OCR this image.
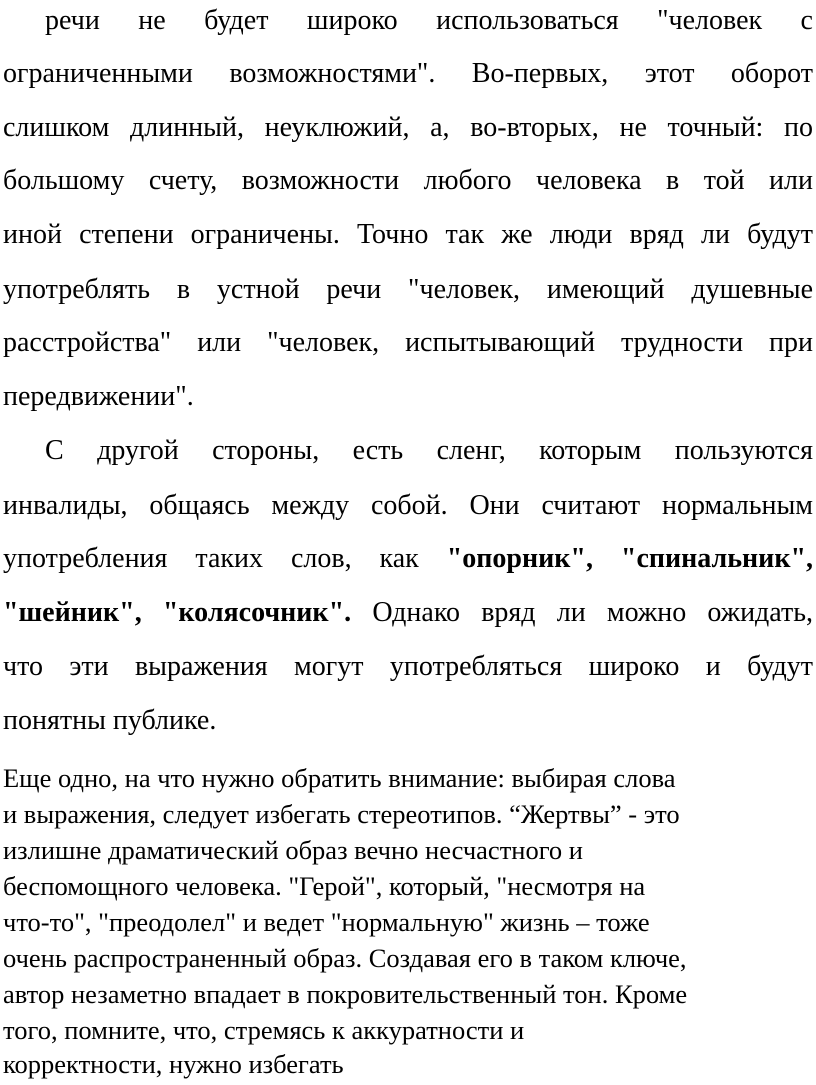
речи не будет широко использоваться "человек с
ограниченными возможностями". Во-первых, этот оборот
слишком длинный, неуклюжий, а, во-вторых, не точный: по
большому счету, возможности любого человека в той или
иной степени ограничены. Точно так же люди вряд ли будут
употреблять в устной речи "человек, имеющий душевные
расстройства" или "человек, испытывающий трудности при
передвижении".
С другой стороны, есть сленг, которым пользуются
инвалиды, общаясь между собой. Они считают нормальным
употребления таких слов, как "опорник", "спинальник",
"шейник", "колясочник". Однако вряд ли можно ожидать,
что эти выражения могут употребляться широко и будут
понятны публике.
Еще одно, на что нужно обратить внимание: выбирая слова
и выражения, следует избегать стереотипов. “Жертвы” - это
излишне драматический образ вечно несчастного и
беспомощного человека. "Герой", который, "несмотря на
что-то", "преодолел" и ведет "нормальную" жизнь – тоже
очень распространенный образ. Создавая его в таком ключе,
автор незаметно впадает в покровительственный тон. Кроме
того, помните, что, стремясь к аккуратности и
корректности, нужно избегать
